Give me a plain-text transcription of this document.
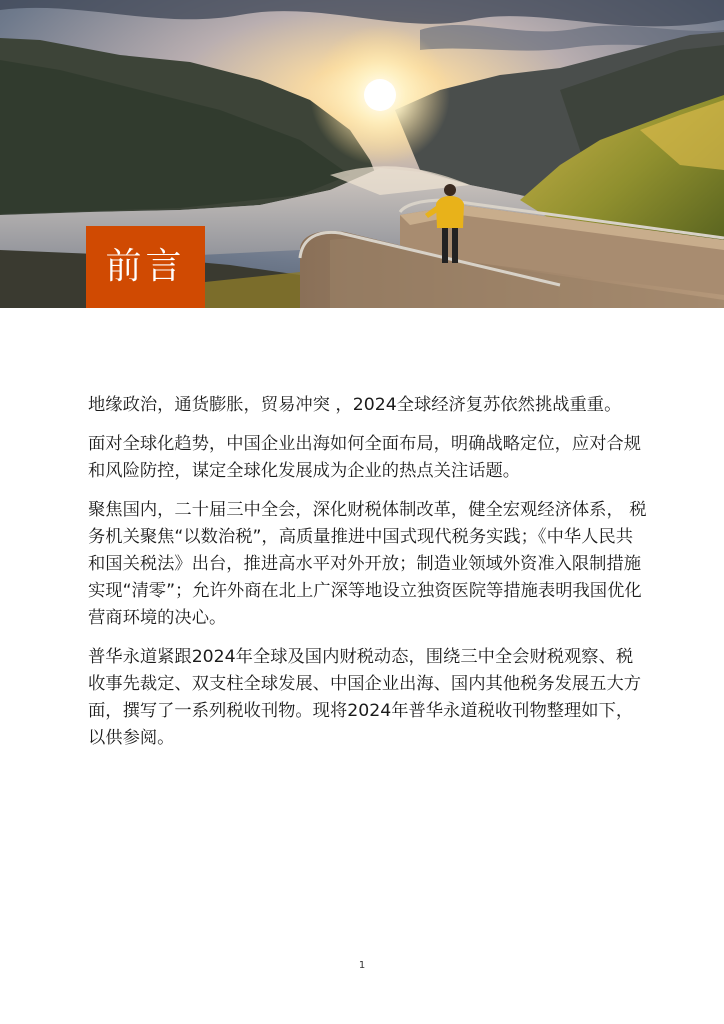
前言

地缘政治，通货膨胀，贸易冲突 ，2024全球经济复苏依然挑战重重。

面对全球化趋势，中国企业出海如何全面布局，明确战略定位，应对合规和风险防控，谋定全球化发展成为企业的热点关注话题。

聚焦国内，二十届三中全会，深化财税体制改革，健全宏观经济体系， 税务机关聚焦“以数治税”，高质量推进中国式现代税务实践；《中华人民共和国关税法》出台，推进高水平对外开放；制造业领域外资准入限制措施实现“清零”；允许外商在北上广深等地设立独资医院等措施表明我国优化营商环境的决心。

普华永道紧跟2024年全球及国内财税动态，围绕三中全会财税观察、税收事先裁定、双支柱全球发展、中国企业出海、国内其他税务发展五大方面，撰写了一系列税收刊物。现将2024年普华永道税收刊物整理如下，以供参阅。

1
